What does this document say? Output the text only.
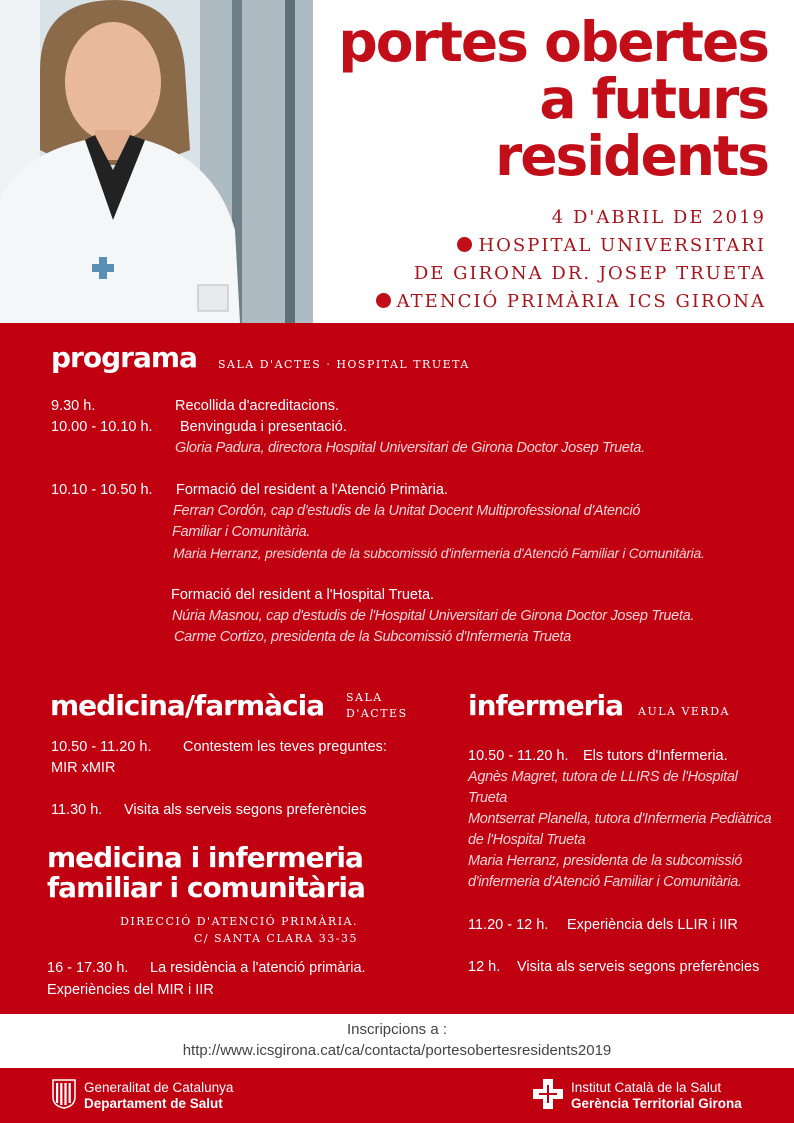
portes obertes
a futurs
residents
4 D'ABRIL DE 2019
HOSPITAL UNIVERSITARI
DE GIRONA DR. JOSEP TRUETA
ATENCIÓ PRIMÀRIA ICS GIRONA
programa SALA D'ACTES · HOSPITAL TRUETA
9.30 h.	Recollida d'acreditacions.
10.00 - 10.10 h. Benvinguda i presentació.
Gloria Padura, directora Hospital Universitari de Girona Doctor Josep Trueta.
10.10 - 10.50 h. Formació del resident a l'Atenció Primària.
Ferran Cordón, cap d'estudis de la Unitat Docent Multiprofessional d'Atenció
Familiar i Comunitària.
Maria Herranz, presidenta de la subcomissió d'infermeria d'Atenció Familiar i Comunitària.
Formació del resident a l'Hospital Trueta.
Núria Masnou, cap d'estudis de l'Hospital Universitari de Girona Doctor Josep Trueta.
Carme Cortizo, presidenta de la Subcomissió d'Infermeria Trueta
medicina/farmàcia SALA
D'ACTES
10.50 - 11.20 h. Contestem les teves preguntes:
MIR xMIR
11.30 h. Visita als serveis segons preferències
medicina i infermeria
familiar i comunitària
DIRECCIÓ D'ATENCIÓ PRIMÀRIA.
C/ SANTA CLARA 33-35
16 - 17.30 h. La residència a l'atenció primària.
Experiències del MIR i IIR
infermeria AULA VERDA
10.50 - 11.20 h. Els tutors d'Infermeria.
Agnès Magret, tutora de LLIRS de l'Hospital
Trueta
Montserrat Planella, tutora d'Infermeria Pediàtrica
de l'Hospital Trueta
Maria Herranz, presidenta de la subcomissió
d'infermeria d'Atenció Familiar i Comunitària.
11.20 - 12 h. Experiència dels LLIR i IIR
12 h. Visita als serveis segons preferències
Inscripcions a :
http://www.icsgirona.cat/ca/contacta/portesobertesresidents2019
Generalitat de Catalunya
Departament de Salut
Institut Català de la Salut
Gerència Territorial Girona
